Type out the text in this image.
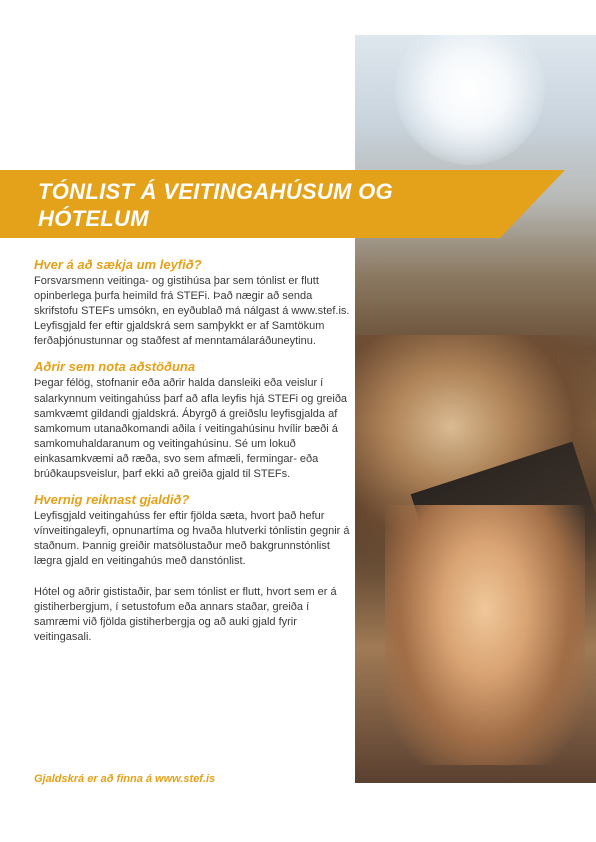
TÓNLIST Á VEITINGAHÚSUM OG HÓTELUM
Hver á að sækja um leyfið?

Forsvarsmenn veitinga- og gistihúsa þar sem tónlist er flutt opinberlega þurfa heimild frá STEFi. Það nægir að senda skrifstofu STEFs umsókn, en eyðublað má nálgast á www.stef.is. Leyfisgjald fer eftir gjaldskrá sem samþykkt er af Samtökum ferðaþjónustunnar og staðfest af menntamálaráðuneytinu.

Aðrir sem nota aðstöðuna

Þegar félög, stofnanir eða aðrir halda dansleiki eða veislur í salarkynnum veitingahúss þarf að afla leyfis hjá STEFi og greiða samkvæmt gildandi gjaldskrá. Ábyrgð á greiðslu leyfisgjalda af samkomum utanaðkomandi aðila í veitingahúsinu hvílir bæði á samkomuhaldaranum og veitingahúsinu. Sé um lokuð einkasamkvæmi að ræða, svo sem afmæli, fermingar- eða brúðkaupsveislur, þarf ekki að greiða gjald til STEFs.

Hvernig reiknast gjaldið?

Leyfisgjald veitingahúss fer eftir fjölda sæta, hvort það hefur vínveitingaleyfi, opnunartíma og hvaða hlutverki tónlistin gegnir á staðnum. Þannig greiðir matsölustaður með bakgrunnstónlist lægra gjald en veitingahús með danstónlist.

Hótel og aðrir gististaðir, þar sem tónlist er flutt, hvort sem er á gistiherbergjum, í setustofum eða annars staðar, greiða í samræmi við fjölda gistiherbergja og að auki gjald fyrir veitingasali.

Gjaldskrá er að finna á www.stef.is
